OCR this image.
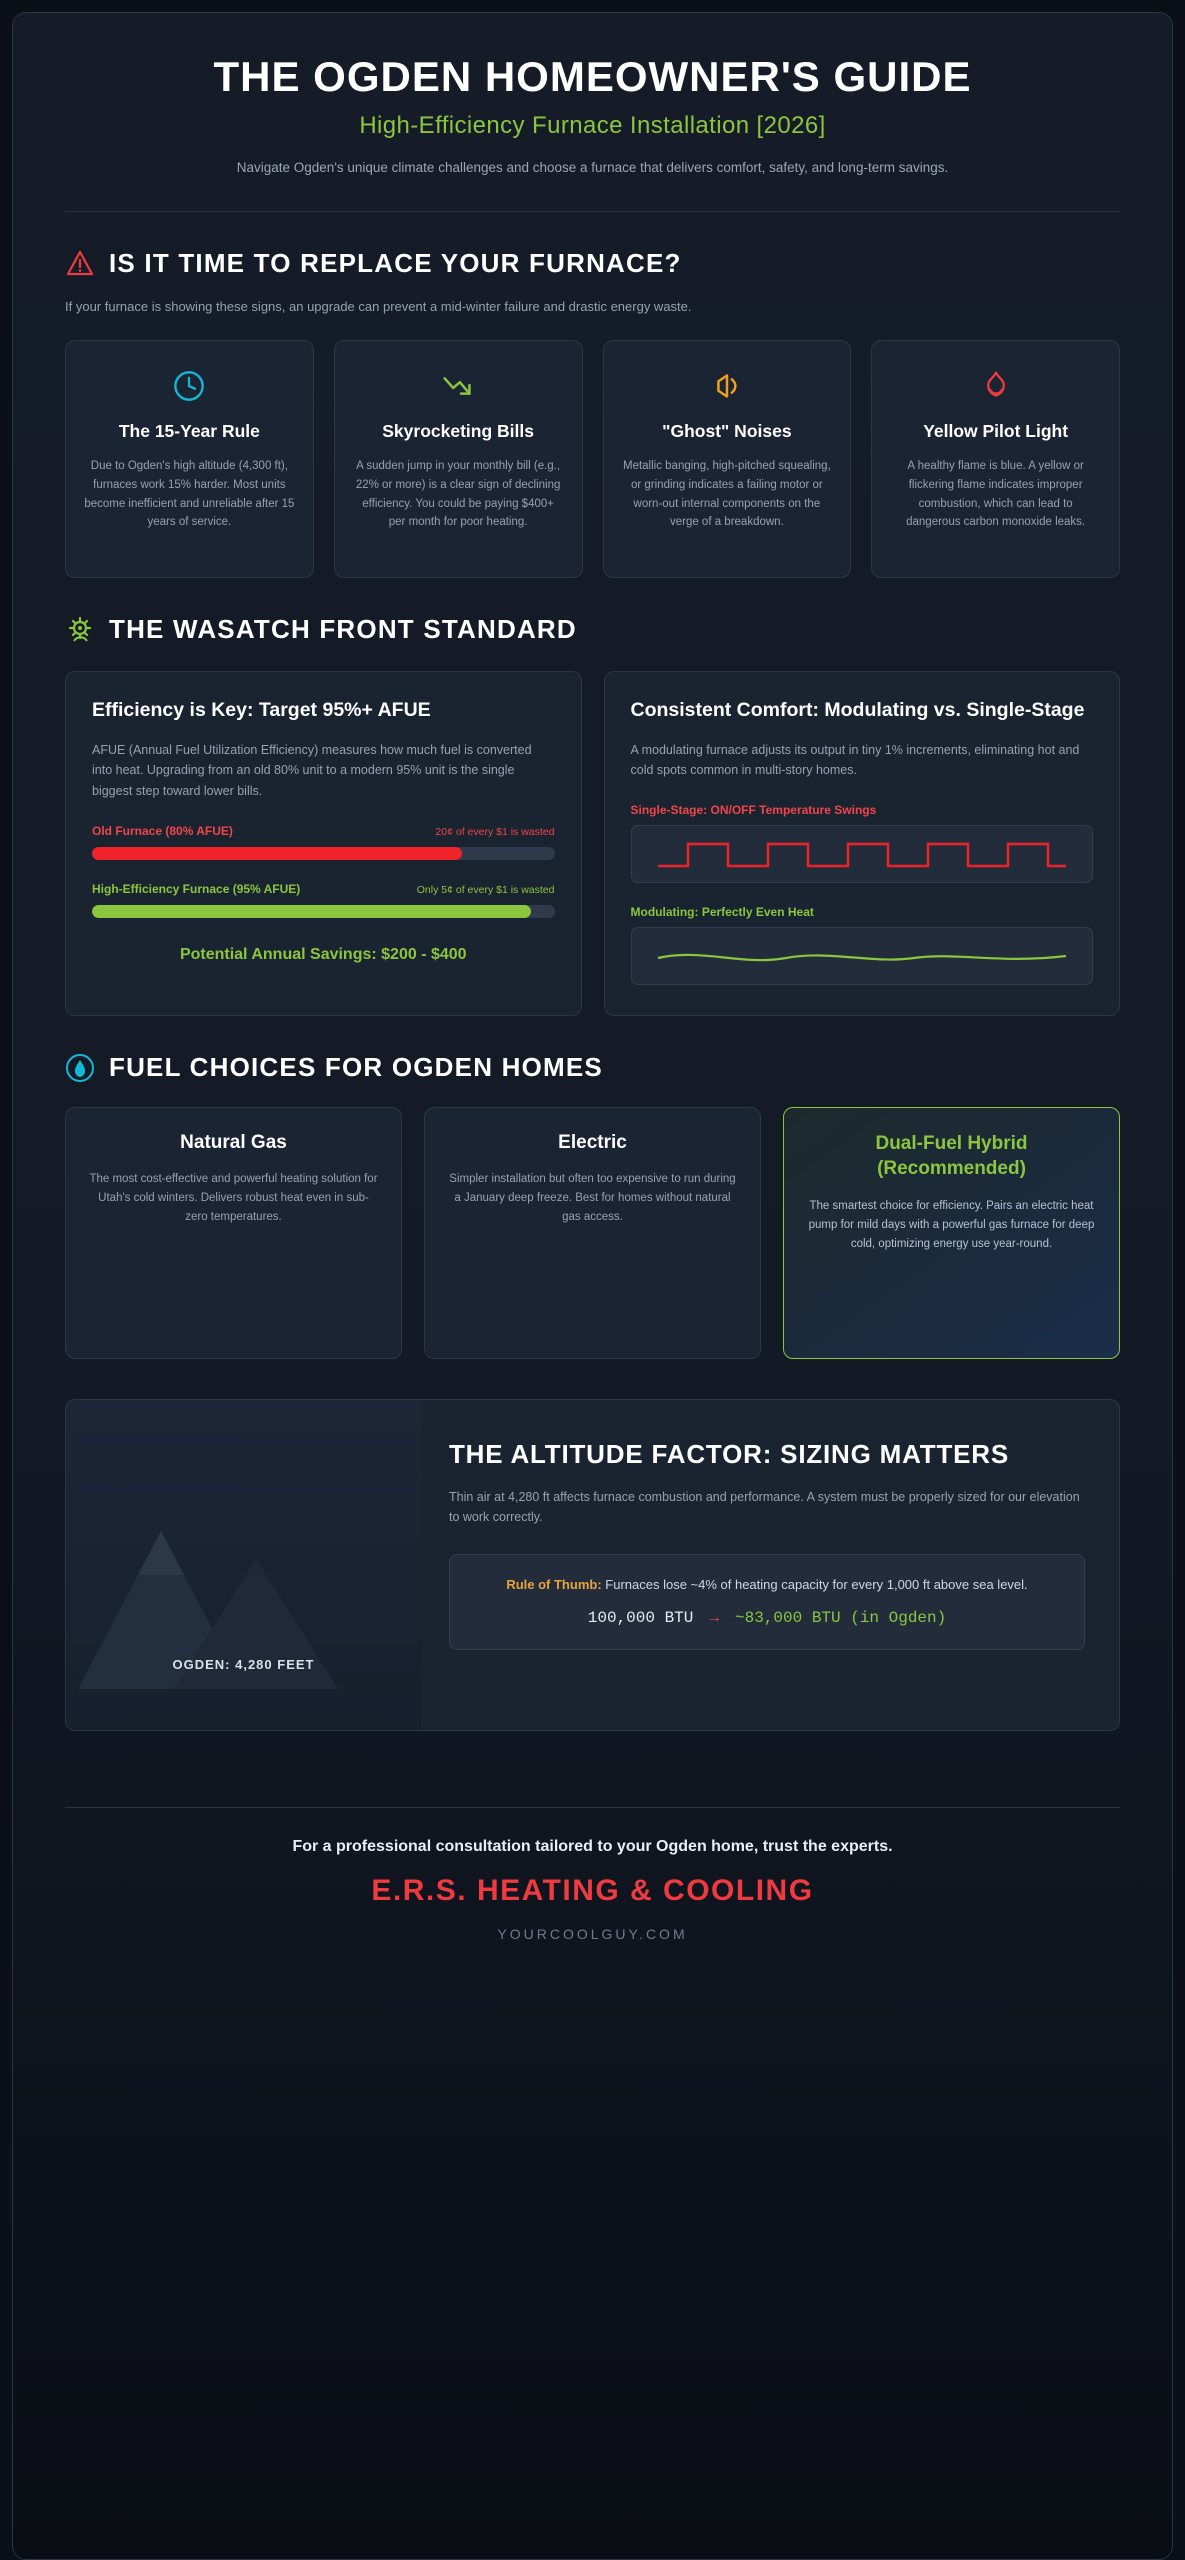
THE OGDEN HOMEOWNER'S GUIDE
High-Efficiency Furnace Installation [2026]

Navigate Ogden's unique climate challenges and choose a furnace that delivers comfort, safety, and long-term savings.

IS IT TIME TO REPLACE YOUR FURNACE?
If your furnace is showing these signs, an upgrade can prevent a mid-winter failure and drastic energy waste.
The 15-Year Rule

Due to Ogden's high altitude (4,300 ft), furnaces work 15% harder. Most units become inefficient and unreliable after 15 years of service.

Skyrocketing Bills

A sudden jump in your monthly bill (e.g., 22% or more) is a clear sign of declining efficiency. You could be paying $400+ per month for poor heating.

"Ghost" Noises

Metallic banging, high-pitched squealing, or grinding indicates a failing motor or worn-out internal components on the verge of a breakdown.

Yellow Pilot Light

A healthy flame is blue. A yellow or flickering flame indicates improper combustion, which can lead to dangerous carbon monoxide leaks.

THE WASATCH FRONT STANDARD
Efficiency is Key: Target 95%+ AFUE

AFUE (Annual Fuel Utilization Efficiency) measures how much fuel is converted into heat. Upgrading from an old 80% unit to a modern 95% unit is the single biggest step toward lower bills.

Old Furnace (80% AFUE)	20¢ of every $1 is wasted
High-Efficiency Furnace (95% AFUE)	Only 5¢ of every $1 is wasted
Potential Annual Savings: $200 - $400
Consistent Comfort: Modulating vs. Single-Stage

A modulating furnace adjusts its output in tiny 1% increments, eliminating hot and cold spots common in multi-story homes.

Single-Stage: ON/OFF Temperature Swings
Modulating: Perfectly Even Heat
FUEL CHOICES FOR OGDEN HOMES
Natural Gas

The most cost-effective and powerful heating solution for Utah's cold winters. Delivers robust heat even in sub-zero temperatures.

Electric

Simpler installation but often too expensive to run during a January deep freeze. Best for homes without natural gas access.

Dual-Fuel Hybrid (Recommended)

The smartest choice for efficiency. Pairs an electric heat pump for mild days with a powerful gas furnace for deep cold, optimizing energy use year-round.

OGDEN: 4,280 FEET
THE ALTITUDE FACTOR: SIZING MATTERS

Thin air at 4,280 ft affects furnace combustion and performance. A system must be properly sized for our elevation to work correctly.

Rule of Thumb: Furnaces lose ~4% of heating capacity for every 1,000 ft above sea level.
100,000 BTU → ~83,000 BTU (in Ogden)
For a professional consultation tailored to your Ogden home, trust the experts.
E.R.S. HEATING & COOLING
YOURCOOLGUY.COM
